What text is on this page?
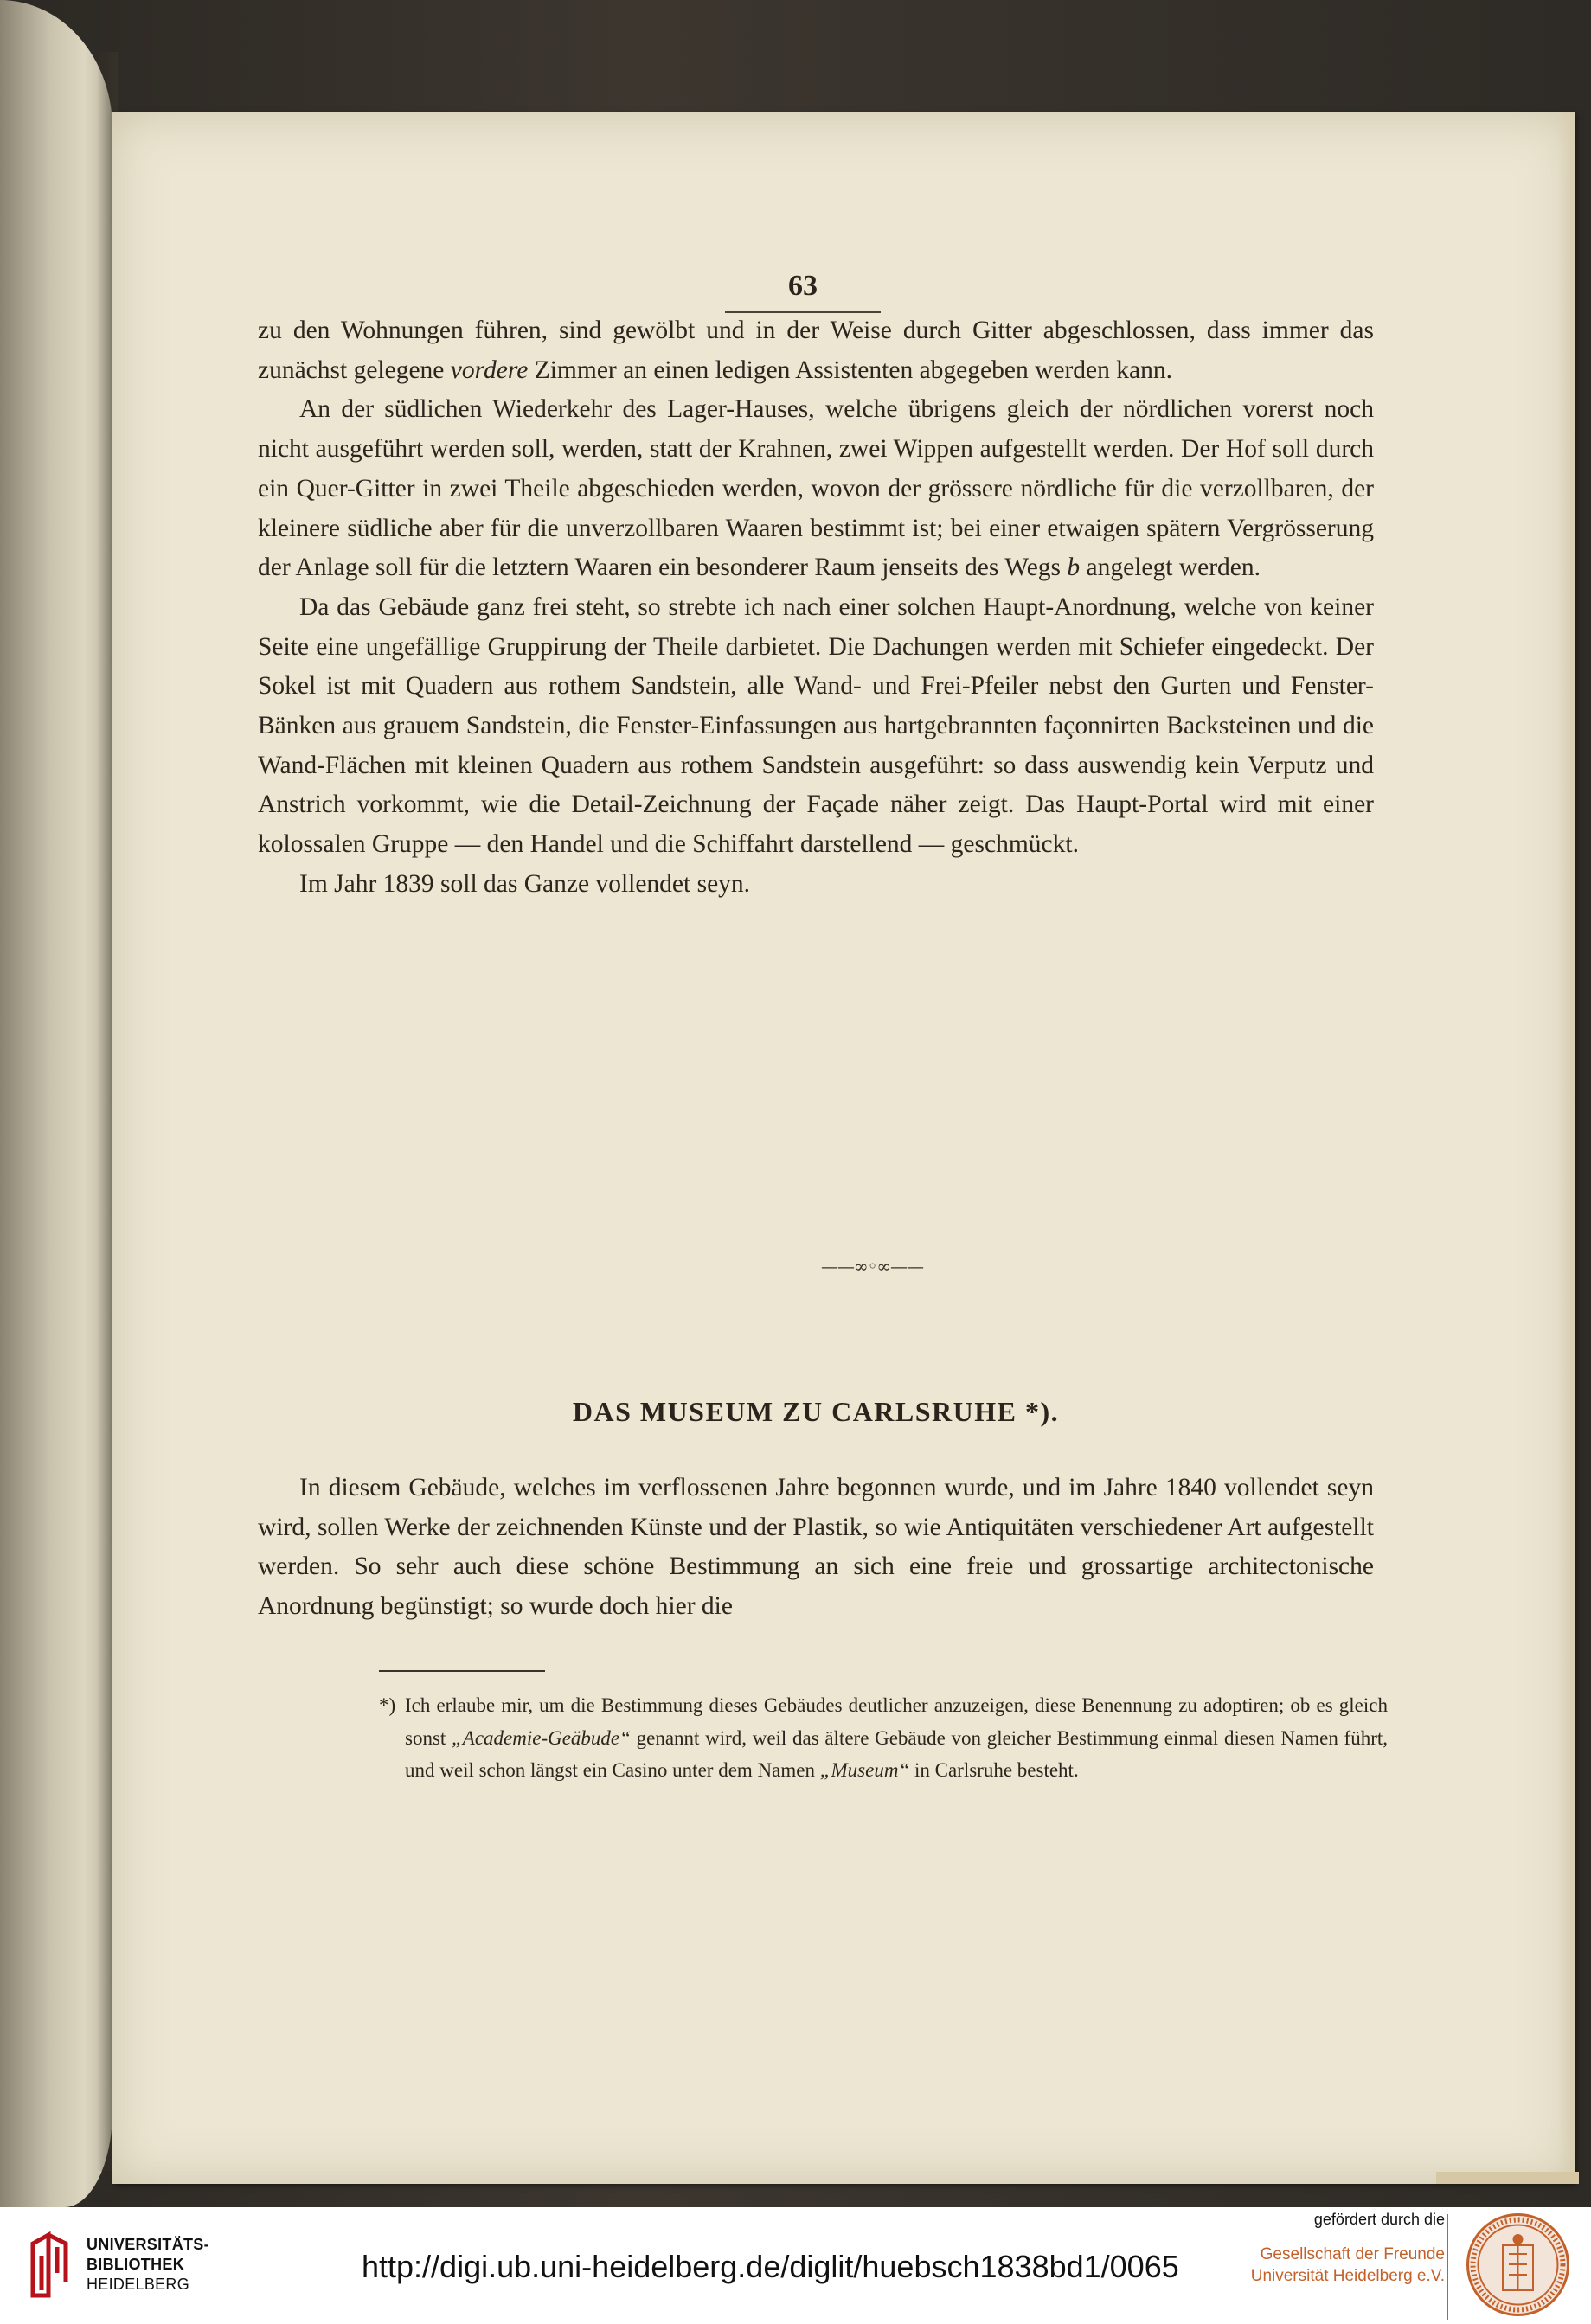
63

zu den Wohnungen führen, sind gewölbt und in der Weise durch Gitter abgeschlossen, dass immer das zunächst gelegene vordere Zimmer an einen ledigen Assistenten abgegeben werden kann.

An der südlichen Wiederkehr des Lager-Hauses, welche übrigens gleich der nördlichen vorerst noch nicht ausgeführt werden soll, werden, statt der Krahnen, zwei Wippen aufgestellt werden. Der Hof soll durch ein Quer-Gitter in zwei Theile abgeschieden werden, wovon der grössere nördliche für die verzollbaren, der kleinere südliche aber für die unverzollbaren Waaren bestimmt ist; bei einer etwaigen spätern Vergrösserung der Anlage soll für die letztern Waaren ein besonderer Raum jenseits des Wegs b angelegt werden.

Da das Gebäude ganz frei steht, so strebte ich nach einer solchen Haupt-Anordnung, welche von keiner Seite eine ungefällige Gruppirung der Theile darbietet. Die Dachungen werden mit Schiefer eingedeckt. Der Sokel ist mit Quadern aus rothem Sandstein, alle Wand- und Frei-Pfeiler nebst den Gurten und Fenster-Bänken aus grauem Sandstein, die Fenster-Einfassungen aus hartgebrannten façonnirten Backsteinen und die Wand-Flächen mit kleinen Quadern aus rothem Sandstein ausgeführt: so dass auswendig kein Verputz und Anstrich vorkommt, wie die Detail-Zeichnung der Façade näher zeigt. Das Haupt-Portal wird mit einer kolossalen Gruppe — den Handel und die Schiffahrt darstellend — geschmückt.

Im Jahr 1839 soll das Ganze vollendet seyn.

——∞◦∞——
DAS MUSEUM ZU CARLSRUHE *).

In diesem Gebäude, welches im verflossenen Jahre begonnen wurde, und im Jahre 1840 vollendet seyn wird, sollen Werke der zeichnenden Künste und der Plastik, so wie Antiquitäten verschiedener Art aufgestellt werden. So sehr auch diese schöne Bestimmung an sich eine freie und grossartige architectonische Anordnung begünstigt; so wurde doch hier die

*) Ich erlaube mir, um die Bestimmung dieses Gebäudes deutlicher anzuzeigen, diese Benennung zu adoptiren; ob es gleich sonst „Academie-Geäbude“ genannt wird, weil das ältere Gebäude von gleicher Bestimmung einmal diesen Namen führt, und weil schon längst ein Casino unter dem Namen „Museum“ in Carlsruhe besteht.
UNIVERSITÄTS-
BIBLIOTHEK
HEIDELBERG	http://digi.ub.uni-heidelberg.de/diglit/huebsch1838bd1/0065
gefördert durch die
Gesellschaft der Freunde
Universität Heidelberg e.V.
